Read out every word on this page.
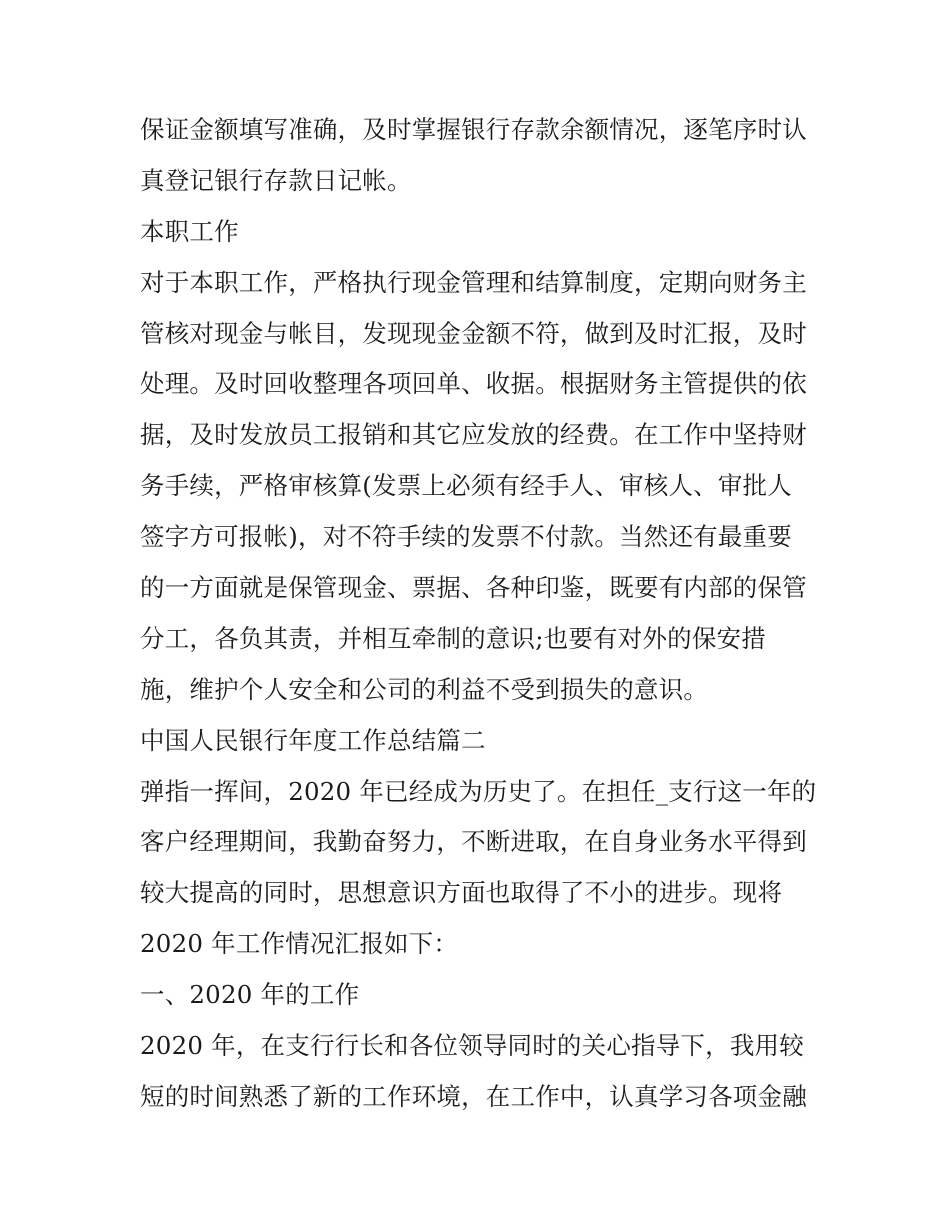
保证金额填写准确，及时掌握银行存款余额情况，逐笔序时认
真登记银行存款日记帐。
本职工作
对于本职工作，严格执行现金管理和结算制度，定期向财务主
管核对现金与帐目，发现现金金额不符，做到及时汇报，及时
处理。及时回收整理各项回单、收据。根据财务主管提供的依
据，及时发放员工报销和其它应发放的经费。在工作中坚持财
务手续，严格审核算(发票上必须有经手人、审核人、审批人
签字方可报帐)，对不符手续的发票不付款。当然还有最重要
的一方面就是保管现金、票据、各种印鉴，既要有内部的保管
分工，各负其责，并相互牵制的意识;也要有对外的保安措
施，维护个人安全和公司的利益不受到损失的意识。
中国人民银行年度工作总结篇二
弹指一挥间，2020 年已经成为历史了。在担任_支行这一年的
客户经理期间，我勤奋努力，不断进取，在自身业务水平得到
较大提高的同时，思想意识方面也取得了不小的进步。现将
2020 年工作情况汇报如下：
一、2020 年的工作
2020 年，在支行行长和各位领导同时的关心指导下，我用较
短的时间熟悉了新的工作环境，在工作中，认真学习各项金融
